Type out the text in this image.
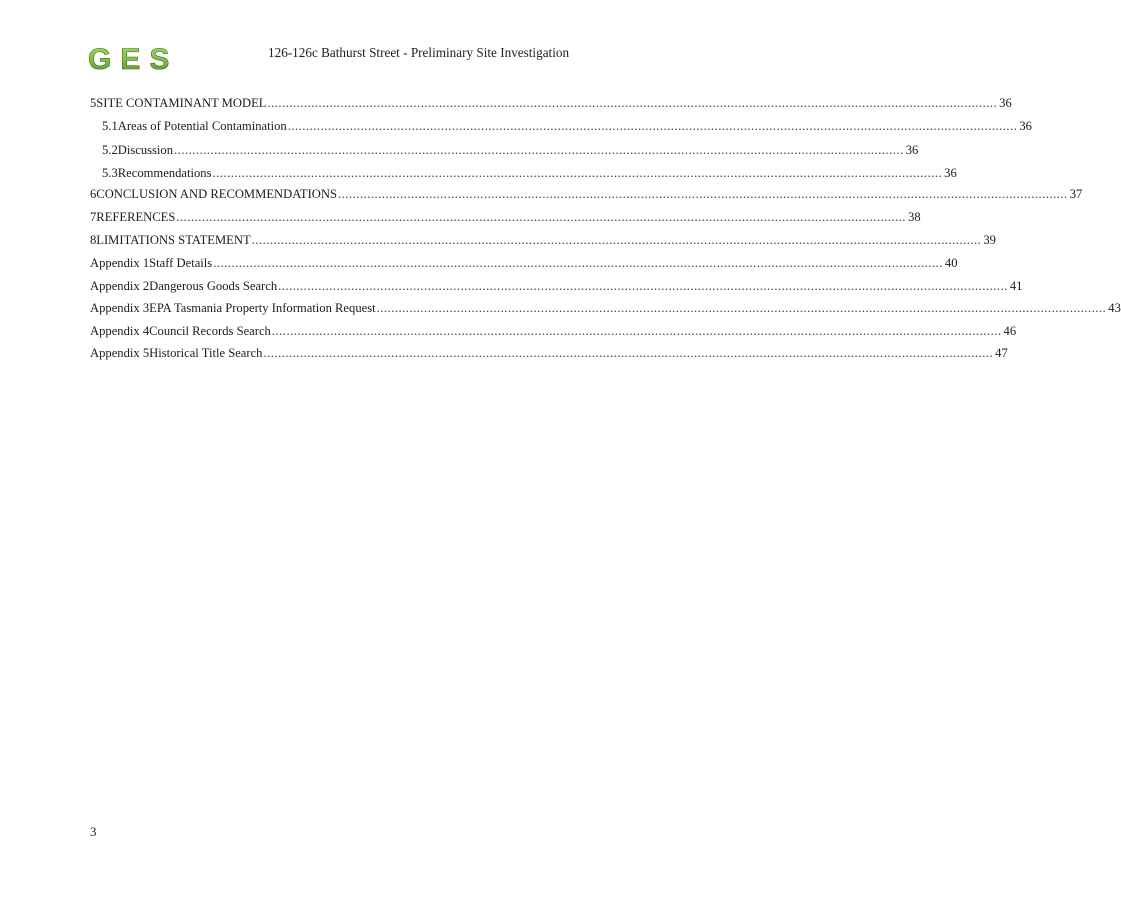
GES	126-126c Bathurst Street - Preliminary Site Investigation
5 SITE CONTAMINANT MODEL ........................................................................................................................................................................................................ 36
5.1 Areas of Potential Contamination ........................................................................................................................................................................................................ 36
5.2 Discussion ........................................................................................................................................................................................................ 36
5.3 Recommendations ........................................................................................................................................................................................................ 36
6 CONCLUSION AND RECOMMENDATIONS ........................................................................................................................................................................................................ 37
7 REFERENCES ........................................................................................................................................................................................................ 38
8 LIMITATIONS STATEMENT ........................................................................................................................................................................................................ 39
Appendix 1 Staff Details ........................................................................................................................................................................................................ 40
Appendix 2 Dangerous Goods Search ........................................................................................................................................................................................................ 41
Appendix 3 EPA Tasmania Property Information Request ........................................................................................................................................................................................................ 43
Appendix 4 Council Records Search ........................................................................................................................................................................................................ 46
Appendix 5 Historical Title Search ........................................................................................................................................................................................................ 47
3
